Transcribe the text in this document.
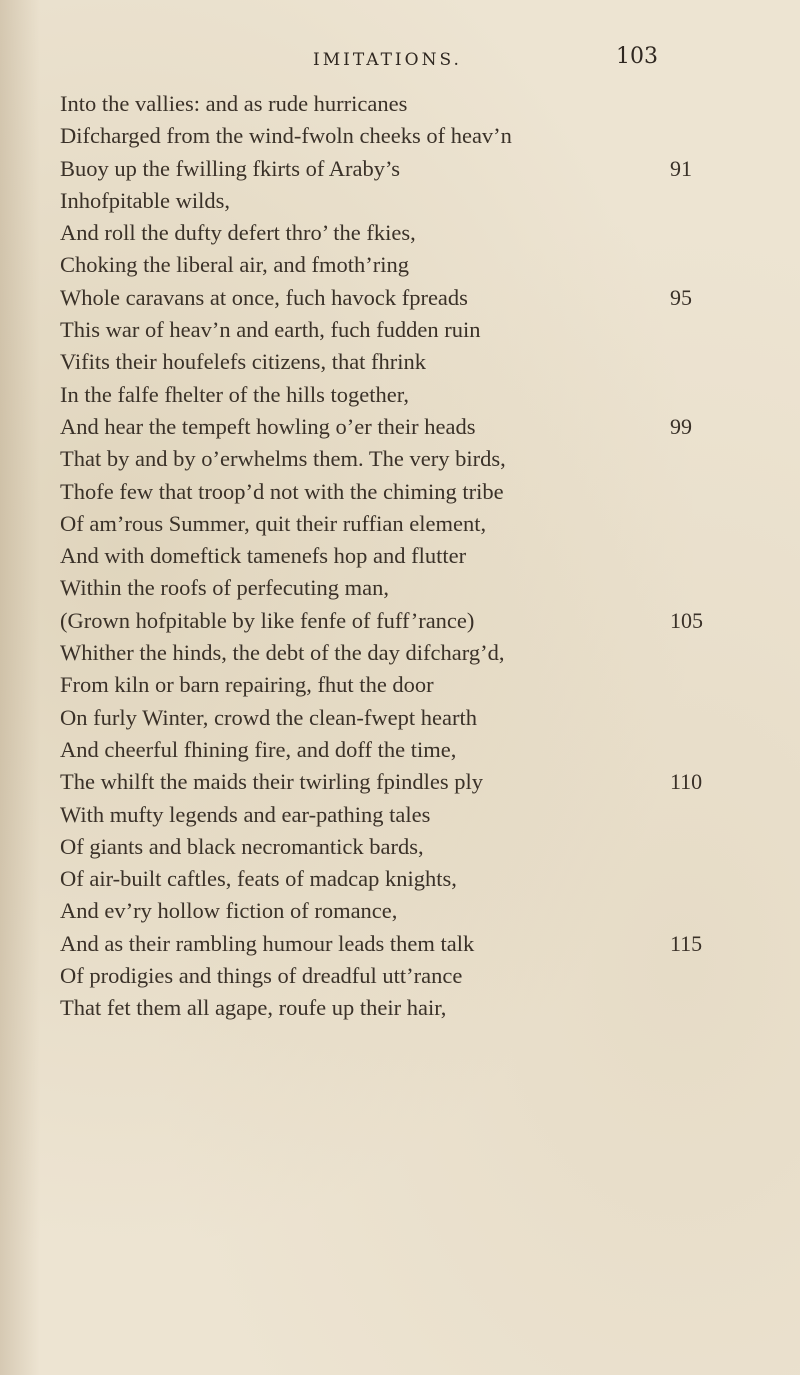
IMITATIONS.	103
Into the vallies: and as rude hurricanes
Difcharged from the wind-fwoln cheeks of heav’n
Buoy up the fwilling fkirts of Araby’s	91
Inhofpitable wilds,
And roll the dufty defert thro’ the fkies,
Choking the liberal air, and fmoth’ring
Whole caravans at once, fuch havock fpreads	95
This war of heav’n and earth, fuch fudden ruin
Vifits their houfelefs citizens, that fhrink
In the falfe fhelter of the hills together,
And hear the tempeft howling o’er their heads	99
That by and by o’erwhelms them. The very birds,
Thofe few that troop’d not with the chiming tribe
Of am’rous Summer, quit their ruffian element,
And with domeftick tamenefs hop and flutter
Within the roofs of perfecuting man,
(Grown hofpitable by like fenfe of fuff’rance)	105
Whither the hinds, the debt of the day difcharg’d,
From kiln or barn repairing, fhut the door
On furly Winter, crowd the clean-fwept hearth
And cheerful fhining fire, and doff the time,
The whilft the maids their twirling fpindles ply	110
With mufty legends and ear-pathing tales
Of giants and black necromantick bards,
Of air-built caftles, feats of madcap knights,
And ev’ry hollow fiction of romance,
And as their rambling humour leads them talk	115
Of prodigies and things of dreadful utt’rance
That fet them all agape, roufe up their hair,
